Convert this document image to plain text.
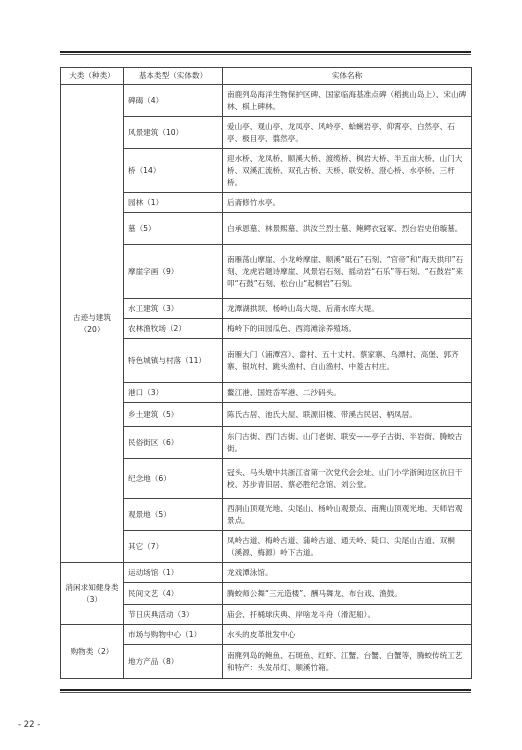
大类（种类）	基本类型（实体数）	实体名称
古迹与建筑（20）	碑碣（4）	南鹿列岛海洋生物保护区碑、国家临海基准点碑（稻挑山岛上）、宋山碑林、棋上碑林。
	风景建筑（10）	爱山亭、观山亭、龙凤亭、风岭亭、蛤蜊岩亭、仰霄亭、白然亭、石亭、极目亭、翦然亭。
	桥（14）	迎水桥、龙凤桥、顺溪大桥、渡缆桥、枫岩大桥、半五亩大桥、山门大桥、双溪汇流桥、双孔古桥、天桥、联安桥、澄心桥、水亭桥、三杆桥。
	园林（1）	后斋修竹水亭。
	墓（5）	白承恩墓、林景熙墓、洪汝兰烈士墓、鲍鳄衣冠冢、烈台岩史伯璇墓。
	摩崖字画（9）	南雁荡山摩崖、小龙岭摩崖、顺溪“砥石”石刻、“官帝”和“海天拱印”石刻、龙虎岩题诗摩崖、风景岩石刻、摇动岩“石乐”等石刻、“石鼓岩”来叩“石鼓”石刻、松台山“起桐岩”石刻。
	水工建筑（3）	龙潭湖拱坝、杨岭山岛大堤、后斋水库大堤。
	农林渔牧场（2）	梅岭下的田园瓜色、西湾滩涂养殖场。
	特色城镇与村落（11）	南雁大门（浦潭宫）、畲村、五十丈村、蔡家寨、乌潭村、高堡、郭齐寨、银坑村、跳头渔村、白山渔村、中菱古村庄。
	港口（3）	鳌江港、国姓岙军港、二沙码头。
	乡土建筑（5）	陈氏古居、池氏大屋、联源旧楼、带溪古民居、柄凤居。
	民俗街区（6）	东门古街、西门古街、山门老街、联安——亭子古街、半岩街、腾蛟古街。
	纪念地（6）	冠头、马头墩中共浙江省第一次党代会会址、山门小学浙闽边区抗日干校、苏步青旧居、蔡必胜纪念馆、刘公堂。
	观景地（5）	西洞山顶观光地、尖尾山、杨岭山观景点、南麂山顶观光地、天师岩观景点。
	其它（7）	凤岭古道、梅岭古道、蒲岭古道、通天岭、陡口、尖尾山古道、双桐（溪源、梅源）岭下古道。
消闲求知健身类（3）	运动场馆（1）	龙戏潭泳馆。
	民间文艺（4）	腾蛟师公舞“三元造楼”、酬马舞龙、布台戏、渔鼓。
	节日庆典活动（3）	庙会、扦桶球庆典、岸啥龙斗舟（滑泥船）。
购物类（2）	市场与购物中心（1）	水头的皮革批发中心
	地方产品（8）	南麂列岛的鲍鱼、石斑鱼、红虾、江蟹、台蟹、白蟹等，腾蛟传统工艺和特产：头发吊灯、顺溪竹箱。
- 22 -
